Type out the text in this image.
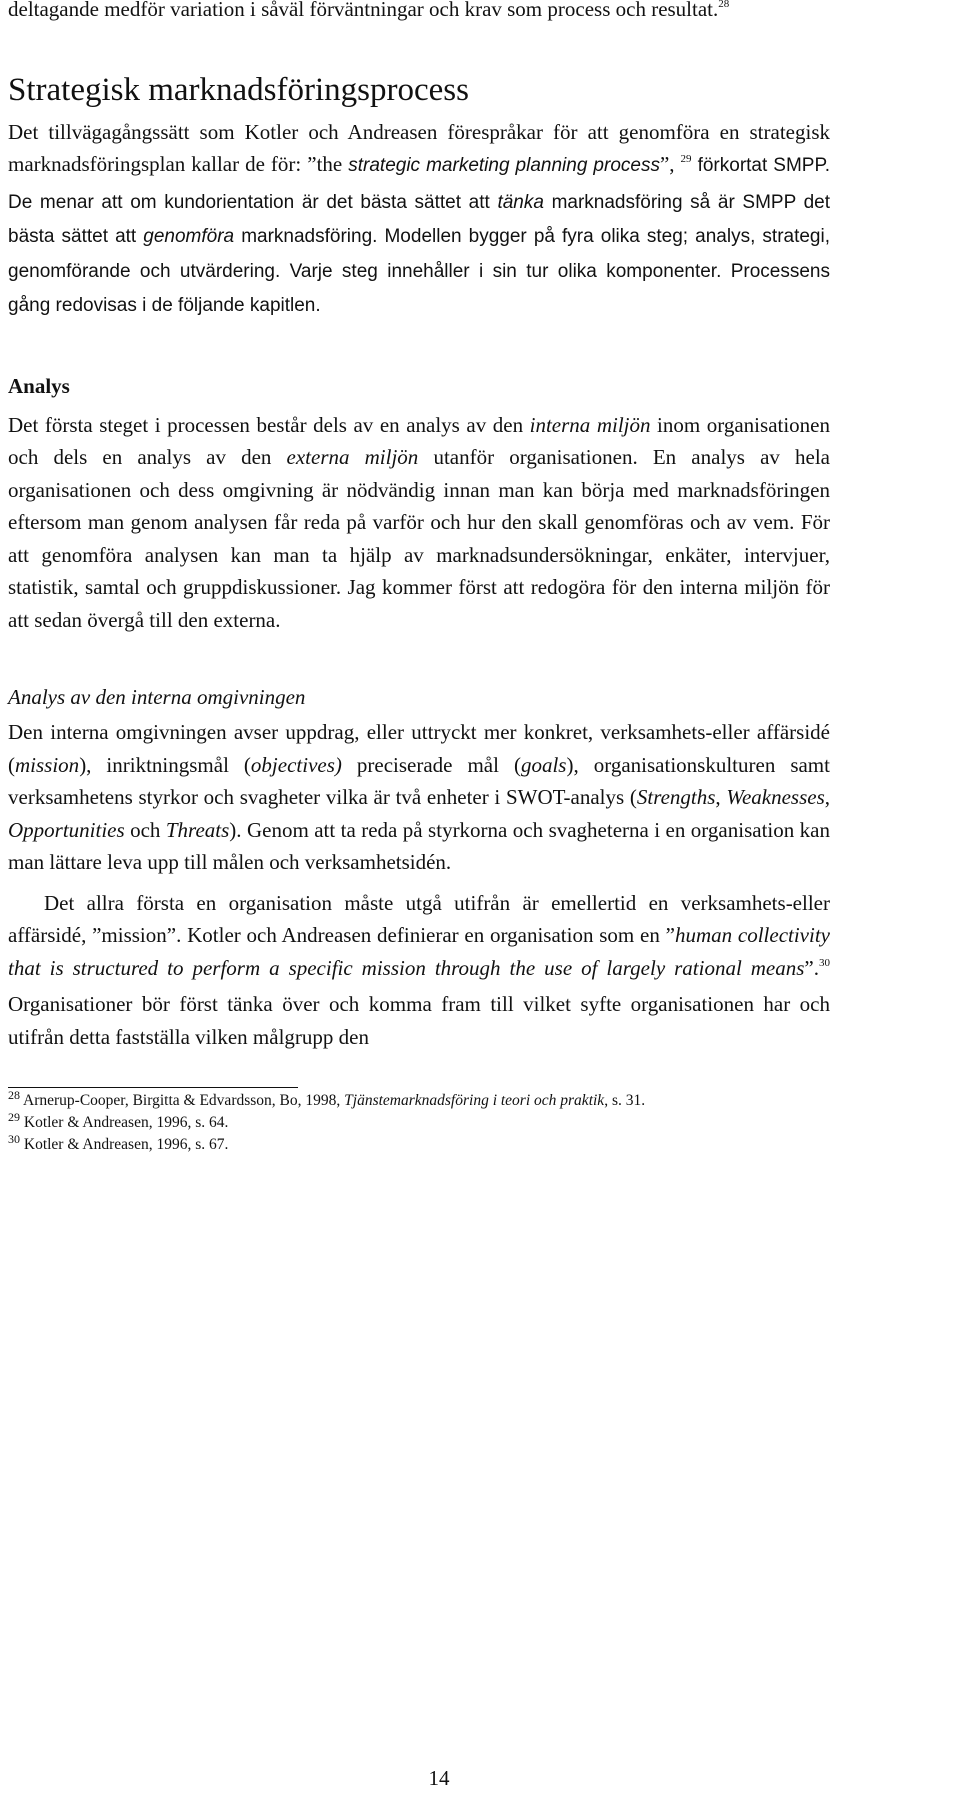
deltagande medför variation i såväl förväntningar och krav som process och resultat.$^{28}$

Strategisk marknadsföringsprocess

Det tillvägagångssätt som Kotler och Andreasen förespråkar för att genomföra en strategisk marknadsföringsplan kallar de för: ”the strategic marketing planning process”, $^{29}$ förkortat SMPP. De menar att om kundorientation är det bästa sättet att tänka marknadsföring så är SMPP det bästa sättet att genomföra marknadsföring. Modellen bygger på fyra olika steg; analys, strategi, genomförande och utvärdering. Varje steg innehåller i sin tur olika komponenter. Processens gång redovisas i de följande kapitlen.

Analys

Det första steget i processen består dels av en analys av den interna miljön inom organisationen och dels en analys av den externa miljön utanför organisationen. En analys av hela organisationen och dess omgivning är nödvändig innan man kan börja med marknadsföringen eftersom man genom analysen får reda på varför och hur den skall genomföras och av vem. För att genomföra analysen kan man ta hjälp av marknadsundersökningar, enkäter, intervjuer, statistik, samtal och gruppdiskussioner. Jag kommer först att redogöra för den interna miljön för att sedan övergå till den externa.

Analys av den interna omgivningen

Den interna omgivningen avser uppdrag, eller uttryckt mer konkret, verksamhets-eller affärsidé (mission), inriktningsmål (objectives) preciserade mål (goals), organisationskulturen samt verksamhetens styrkor och svagheter vilka är två enheter i SWOT-analys (Strengths, Weaknesses, Opportunities och Threats). Genom att ta reda på styrkorna och svagheterna i en organisation kan man lättare leva upp till målen och verksamhetsidén.

Det allra första en organisation måste utgå utifrån är emellertid en verksamhets-eller affärsidé, ”mission”. Kotler och Andreasen definierar en organisation som en ”human collectivity that is structured to perform a specific mission through the use of largely rational means”.$^{30}$ Organisationer bör först tänka över och komma fram till vilket syfte organisationen har och utifrån detta fastställa vilken målgrupp den

$^{28}$ Arnerup-Cooper, Birgitta & Edvardsson, Bo, 1998, Tjänstemarknadsföring i teori och praktik, s. 31.

$^{29}$ Kotler & Andreasen, 1996, s. 64.

$^{30}$ Kotler & Andreasen, 1996, s. 67.

14
